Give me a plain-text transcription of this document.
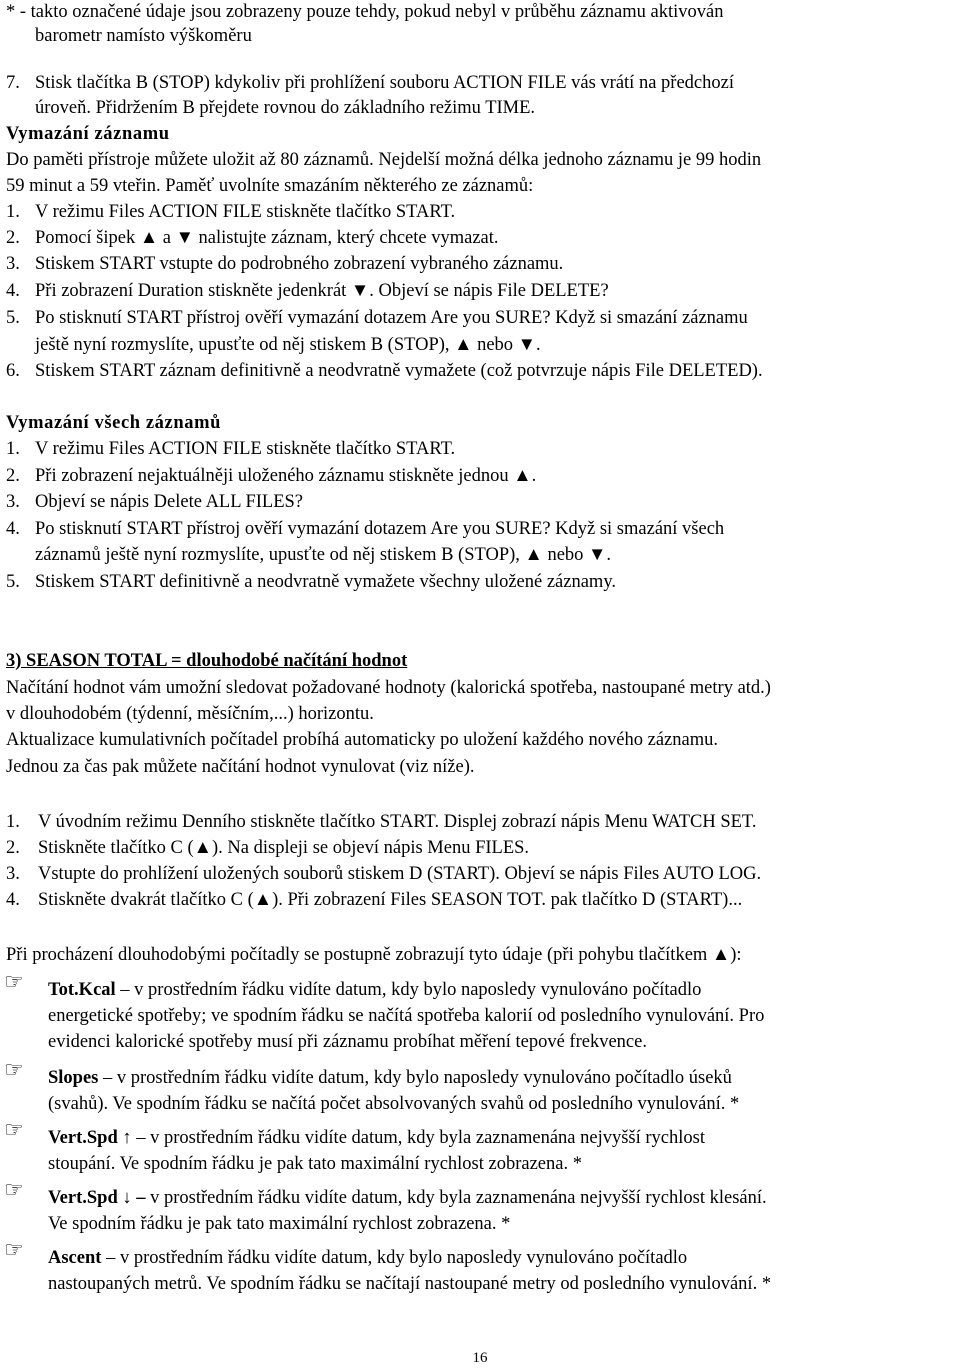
* - takto označené údaje jsou zobrazeny pouze tehdy, pokud nebyl v průběhu záznamu aktivován
barometr namísto výškoměru
7. Stisk tlačítka B (STOP) kdykoliv při prohlížení souboru ACTION FILE vás vrátí na předchozí
úroveň. Přidržením B přejdete rovnou do základního režimu TIME.
Vymazání záznamu
Do paměti přístroje můžete uložit až 80 záznamů. Nejdelší možná délka jednoho záznamu je 99 hodin
59 minut a 59 vteřin. Paměť uvolníte smazáním některého ze záznamů:
1. V režimu Files ACTION FILE stiskněte tlačítko START.
2. Pomocí šipek ▲ a ▼ nalistujte záznam, který chcete vymazat.
3. Stiskem START vstupte do podrobného zobrazení vybraného záznamu.
4. Při zobrazení Duration stiskněte jedenkrát ▼. Objeví se nápis File DELETE?
5. Po stisknutí START přístroj ověří vymazání dotazem Are you SURE? Když si smazání záznamu
ještě nyní rozmyslíte, upusťte od něj stiskem B (STOP), ▲ nebo ▼.
6. Stiskem START záznam definitivně a neodvratně vymažete (což potvrzuje nápis File DELETED).
Vymazání všech záznamů
1. V režimu Files ACTION FILE stiskněte tlačítko START.
2. Při zobrazení nejaktuálněji uloženého záznamu stiskněte jednou ▲.
3. Objeví se nápis Delete ALL FILES?
4. Po stisknutí START přístroj ověří vymazání dotazem Are you SURE? Když si smazání všech
záznamů ještě nyní rozmyslíte, upusťte od něj stiskem B (STOP), ▲ nebo ▼.
5. Stiskem START definitivně a neodvratně vymažete všechny uložené záznamy.
3) SEASON TOTAL = dlouhodobé načítání hodnot
Načítání hodnot vám umožní sledovat požadované hodnoty (kalorická spotřeba, nastoupané metry atd.)
v dlouhodobém (týdenní, měsíčním,...) horizontu.
Aktualizace kumulativních počítadel probíhá automaticky po uložení každého nového záznamu.
Jednou za čas pak můžete načítání hodnot vynulovat (viz níže).
1. V úvodním režimu Denního stiskněte tlačítko START. Displej zobrazí nápis Menu WATCH SET.
2. Stiskněte tlačítko C (▲). Na displeji se objeví nápis Menu FILES.
3. Vstupte do prohlížení uložených souborů stiskem D (START). Objeví se nápis Files AUTO LOG.
4. Stiskněte dvakrát tlačítko C (▲). Při zobrazení Files SEASON TOT. pak tlačítko D (START)...
Při procházení dlouhodobými počítadly se postupně zobrazují tyto údaje (při pohybu tlačítkem ▲):
☞ Tot.Kcal – v prostředním řádku vidíte datum, kdy bylo naposledy vynulováno počítadlo
energetické spotřeby; ve spodním řádku se načítá spotřeba kalorií od posledního vynulování. Pro
evidenci kalorické spotřeby musí při záznamu probíhat měření tepové frekvence.
☞ Slopes – v prostředním řádku vidíte datum, kdy bylo naposledy vynulováno počítadlo úseků
(svahů). Ve spodním řádku se načítá počet absolvovaných svahů od posledního vynulování. *
☞ Vert.Spd ↑ – v prostředním řádku vidíte datum, kdy byla zaznamenána nejvyšší rychlost
stoupání. Ve spodním řádku je pak tato maximální rychlost zobrazena. *
☞ Vert.Spd ↓ – v prostředním řádku vidíte datum, kdy byla zaznamenána nejvyšší rychlost klesání.
Ve spodním řádku je pak tato maximální rychlost zobrazena. *
☞ Ascent – v prostředním řádku vidíte datum, kdy bylo naposledy vynulováno počítadlo
nastoupaných metrů. Ve spodním řádku se načítají nastoupané metry od posledního vynulování. *
16
